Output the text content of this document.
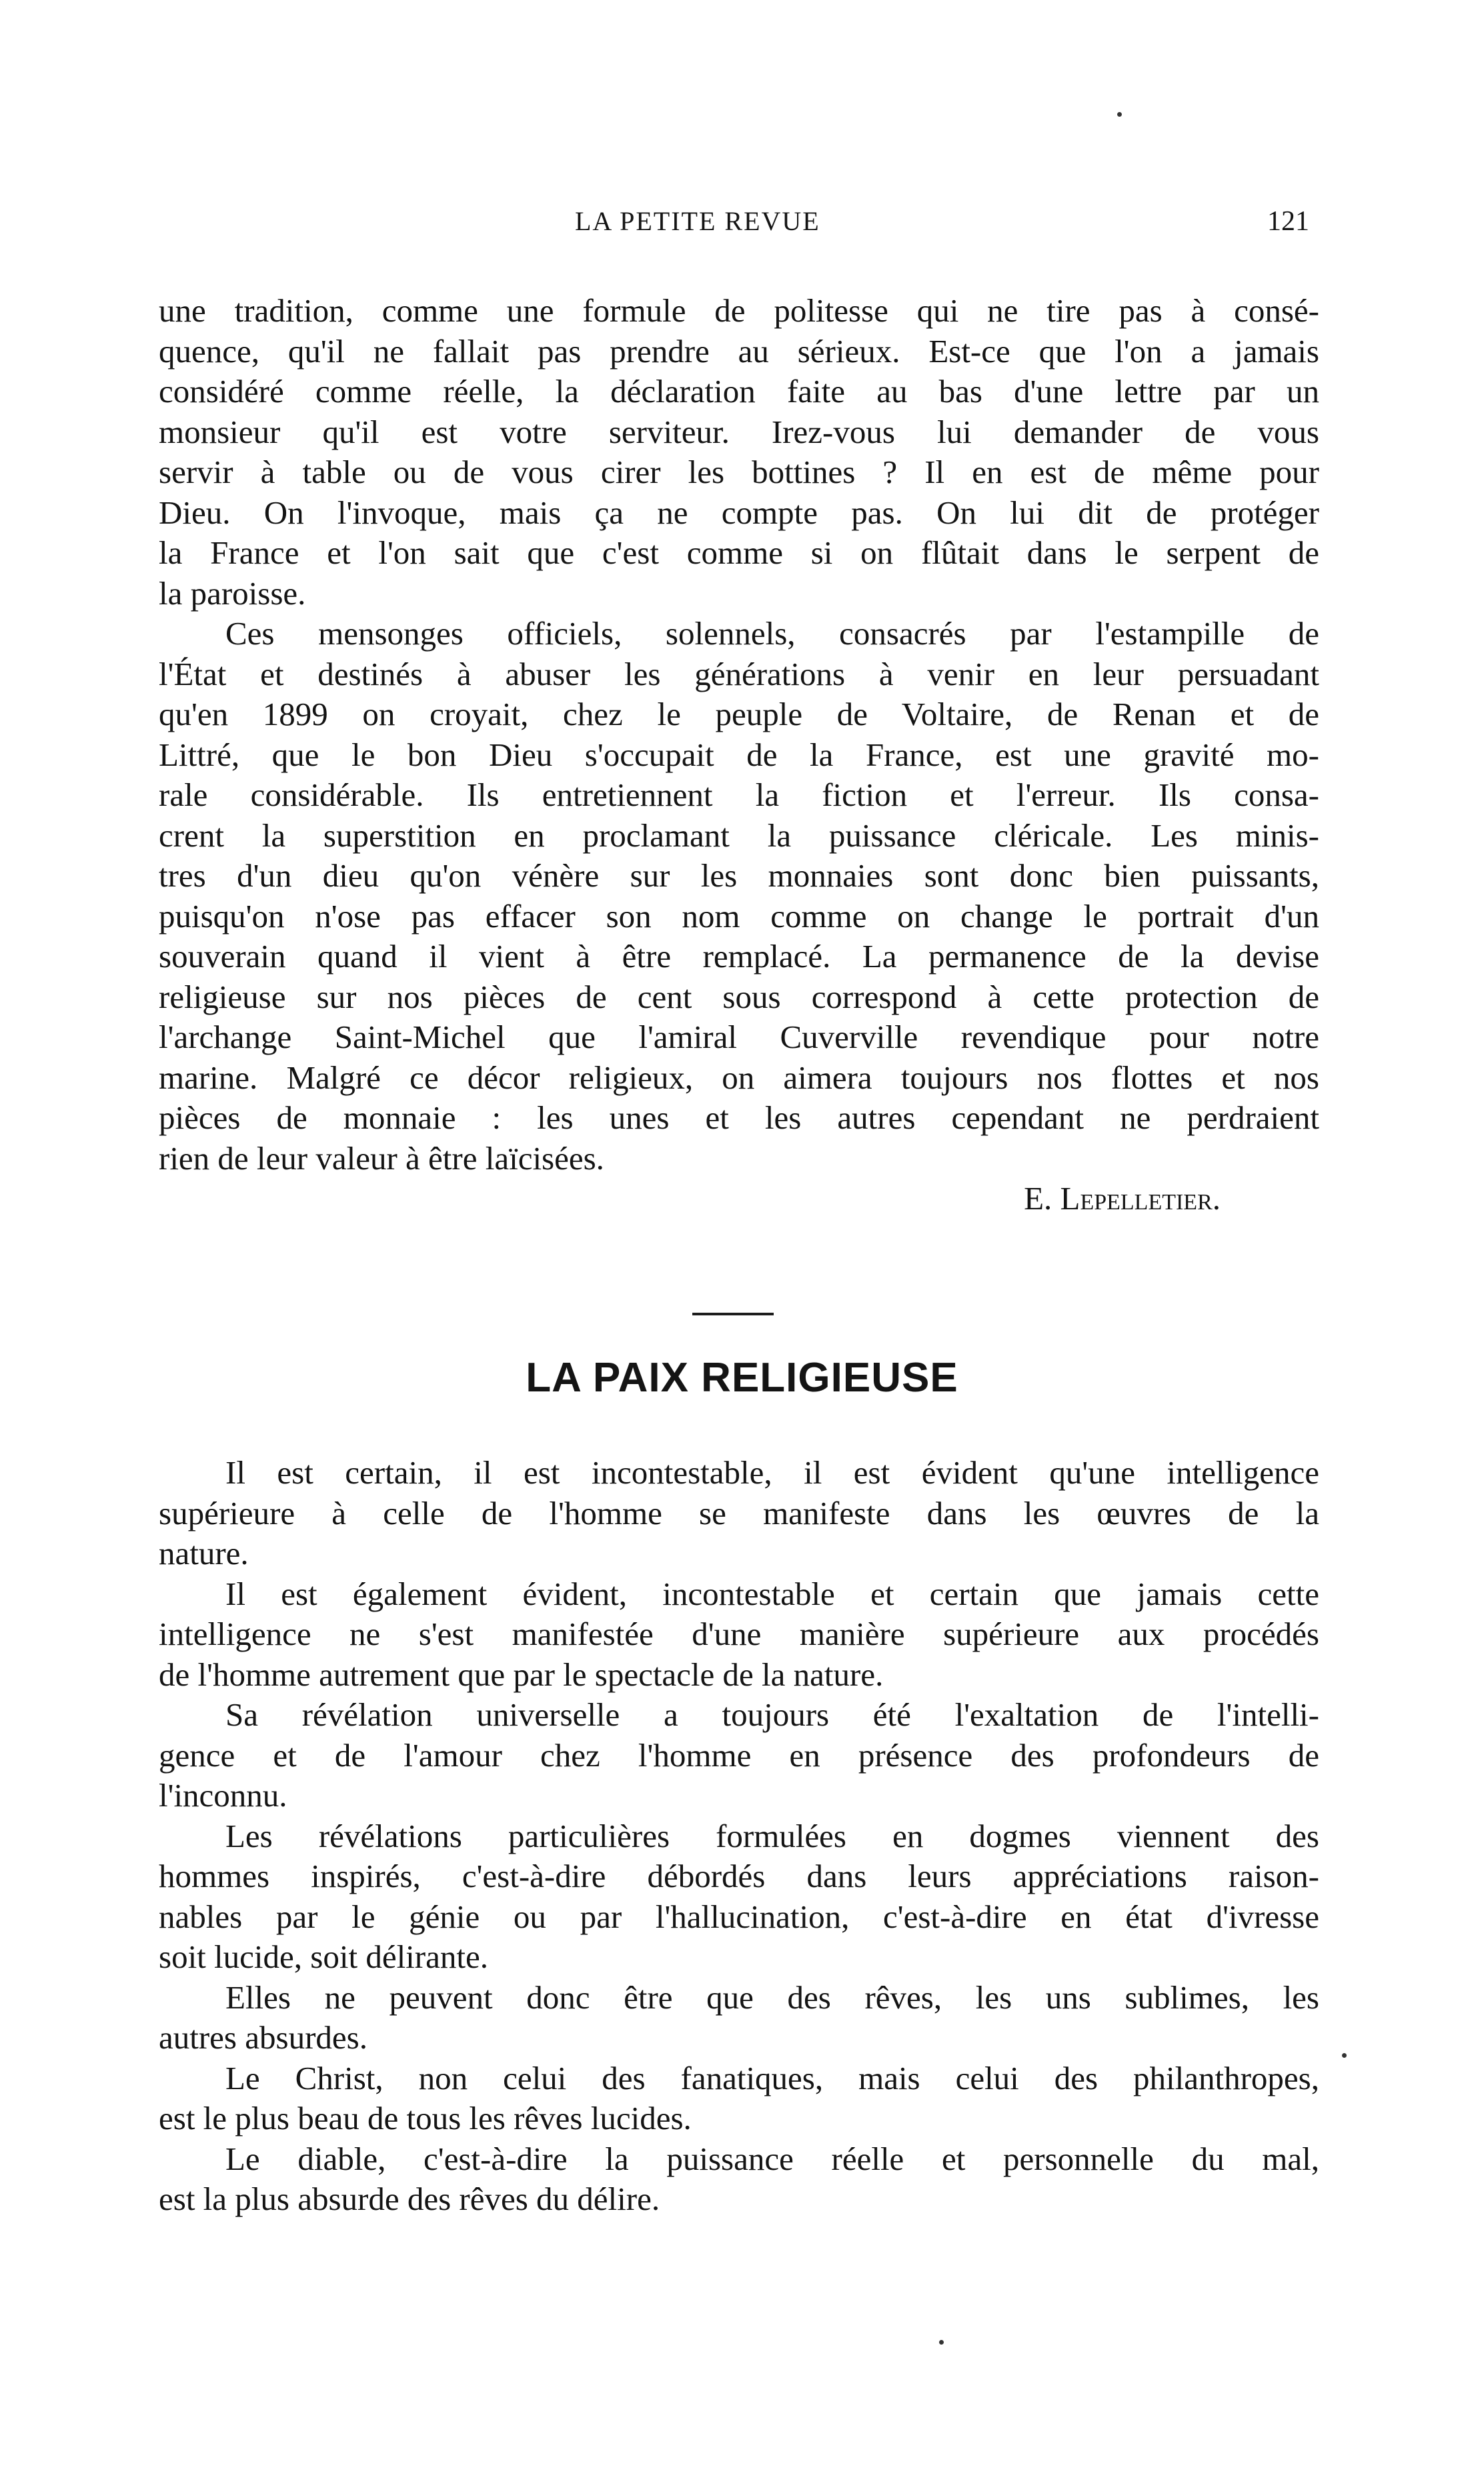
LA PETITE REVUE	121
une tradition, comme une formule de politesse qui ne tire pas à consé-
quence, qu'il ne fallait pas prendre au sérieux. Est-ce que l'on a jamais
considéré comme réelle, la déclaration faite au bas d'une lettre par un
monsieur qu'il est votre serviteur. Irez-vous lui demander de vous
servir à table ou de vous cirer les bottines ? Il en est de même pour
Dieu. On l'invoque, mais ça ne compte pas. On lui dit de protéger
la France et l'on sait que c'est comme si on flûtait dans le serpent de
la paroisse.
Ces mensonges officiels, solennels, consacrés par l'estampille de
l'État et destinés à abuser les générations à venir en leur persuadant
qu'en 1899 on croyait, chez le peuple de Voltaire, de Renan et de
Littré, que le bon Dieu s'occupait de la France, est une gravité mo-
rale considérable. Ils entretiennent la fiction et l'erreur. Ils consa-
crent la superstition en proclamant la puissance cléricale. Les minis-
tres d'un dieu qu'on vénère sur les monnaies sont donc bien puissants,
puisqu'on n'ose pas effacer son nom comme on change le portrait d'un
souverain quand il vient à être remplacé. La permanence de la devise
religieuse sur nos pièces de cent sous correspond à cette protection de
l'archange Saint-Michel que l'amiral Cuverville revendique pour notre
marine. Malgré ce décor religieux, on aimera toujours nos flottes et nos
pièces de monnaie : les unes et les autres cependant ne perdraient
rien de leur valeur à être laïcisées.
E. Lepelletier.
LA PAIX RELIGIEUSE
Il est certain, il est incontestable, il est évident qu'une intelligence
supérieure à celle de l'homme se manifeste dans les œuvres de la
nature.
Il est également évident, incontestable et certain que jamais cette
intelligence ne s'est manifestée d'une manière supérieure aux procédés
de l'homme autrement que par le spectacle de la nature.
Sa révélation universelle a toujours été l'exaltation de l'intelli-
gence et de l'amour chez l'homme en présence des profondeurs de
l'inconnu.
Les révélations particulières formulées en dogmes viennent des
hommes inspirés, c'est-à-dire débordés dans leurs appréciations raison-
nables par le génie ou par l'hallucination, c'est-à-dire en état d'ivresse
soit lucide, soit délirante.
Elles ne peuvent donc être que des rêves, les uns sublimes, les
autres absurdes.
Le Christ, non celui des fanatiques, mais celui des philanthropes,
est le plus beau de tous les rêves lucides.
Le diable, c'est-à-dire la puissance réelle et personnelle du mal,
est la plus absurde des rêves du délire.
